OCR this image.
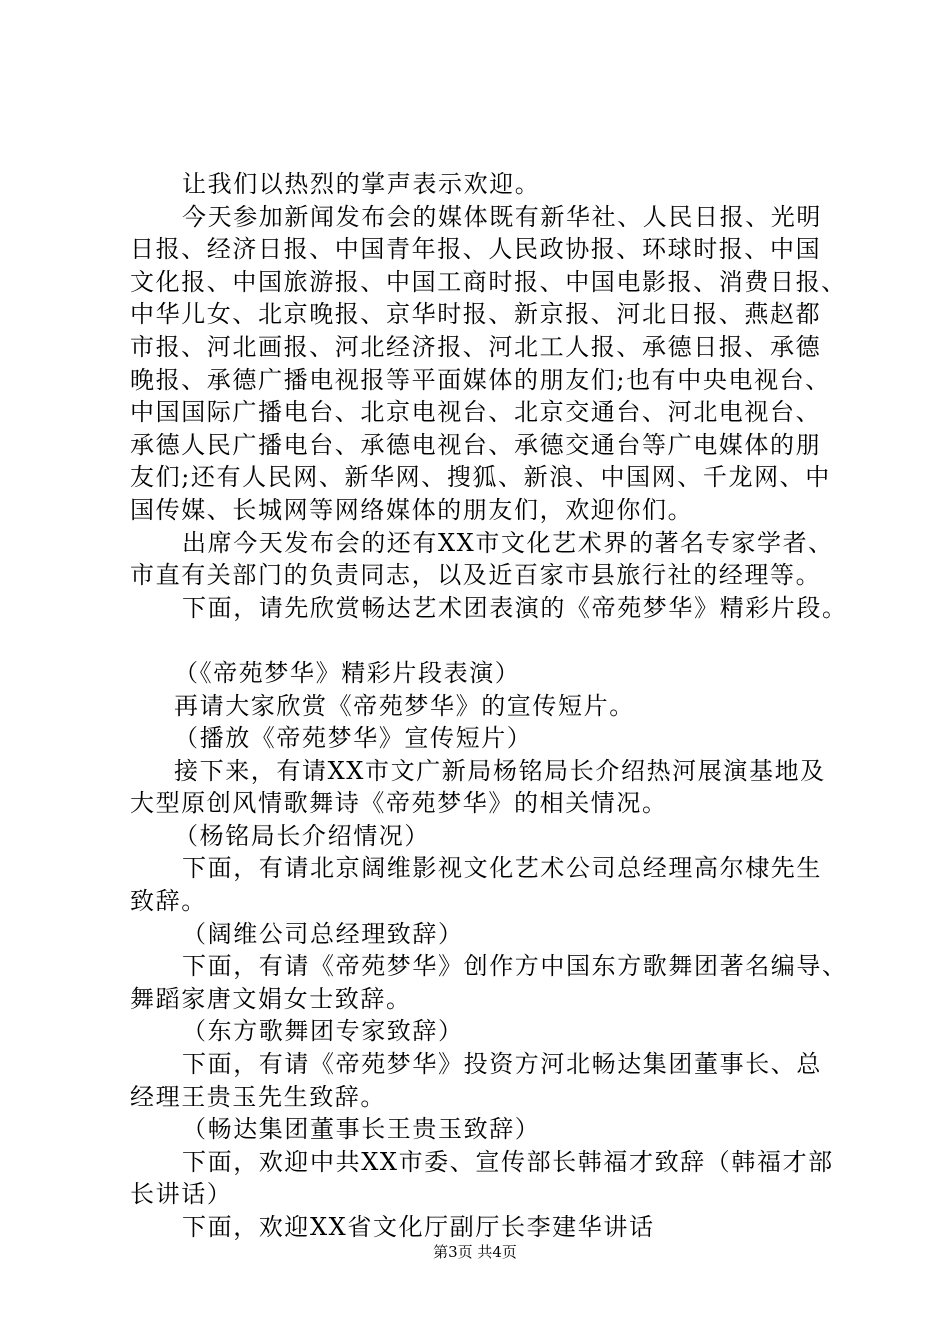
让我们以热烈的掌声表示欢迎。
今天参加新闻发布会的媒体既有新华社、人民日报、光明
日报、经济日报、中国青年报、人民政协报、环球时报、中国
文化报、中国旅游报、中国工商时报、中国电影报、消费日报、
中华儿女、北京晚报、京华时报、新京报、河北日报、燕赵都
市报、河北画报、河北经济报、河北工人报、承德日报、承德
晚报、承德广播电视报等平面媒体的朋友们;也有中央电视台、
中国国际广播电台、北京电视台、北京交通台、河北电视台、
承德人民广播电台、承德电视台、承德交通台等广电媒体的朋
友们;还有人民网、新华网、搜狐、新浪、中国网、千龙网、中
国传媒、长城网等网络媒体的朋友们，欢迎你们。
出席今天发布会的还有XX市文化艺术界的著名专家学者、
市直有关部门的负责同志，以及近百家市县旅行社的经理等。
下面，请先欣赏畅达艺术团表演的《帝苑梦华》精彩片段。
（《帝苑梦华》精彩片段表演）
再请大家欣赏《帝苑梦华》的宣传短片。
（播放《帝苑梦华》宣传短片）
接下来，有请XX市文广新局杨铭局长介绍热河展演基地及
大型原创风情歌舞诗《帝苑梦华》的相关情况。
（杨铭局长介绍情况）
下面，有请北京阔维影视文化艺术公司总经理高尔棣先生
致辞。
（阔维公司总经理致辞）
下面，有请《帝苑梦华》创作方中国东方歌舞团著名编导、
舞蹈家唐文娟女士致辞。
（东方歌舞团专家致辞）
下面，有请《帝苑梦华》投资方河北畅达集团董事长、总
经理王贵玉先生致辞。
（畅达集团董事长王贵玉致辞）
下面，欢迎中共XX市委、宣传部长韩福才致辞（韩福才部
长讲话）
下面，欢迎XX省文化厅副厅长李建华讲话
第3页 共4页
